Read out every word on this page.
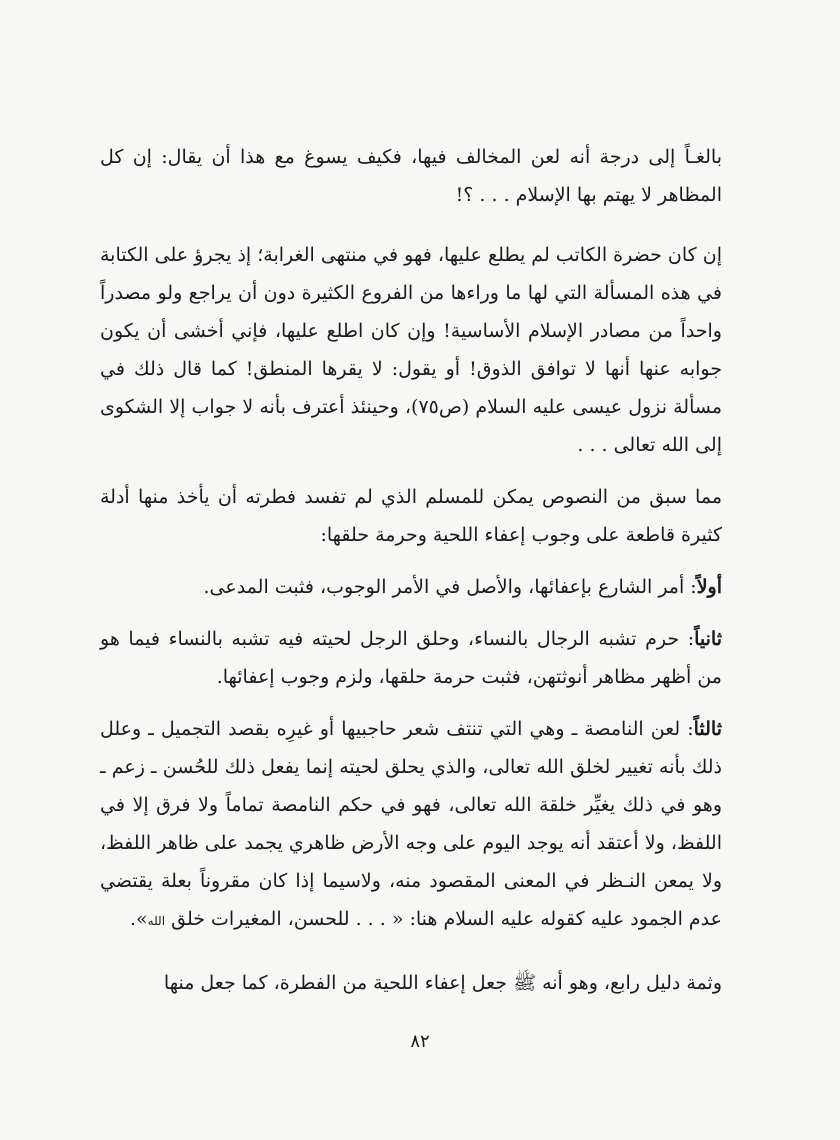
بالغـاً إلى درجة أنه لعن المخالف فيها، فكيف يسوغ مع هذا أن يقال: إن كل المظاهر لا يهتم بها الإسلام . . . ؟!

إن كان حضرة الكاتب لم يطلع عليها، فهو في منتهى الغرابة؛ إذ يجرؤ على الكتابة في هذه المسألة التي لها ما وراءها من الفروع الكثيرة دون أن يراجع ولو مصدراً واحداً من مصادر الإسلام الأساسية! وإن كان اطلع عليها، فإني أخشى أن يكون جوابه عنها أنها لا توافق الذوق! أو يقول: لا يقرها المنطق! كما قال ذلك في مسألة نزول عيسى عليه السلام (ص٧٥)، وحينئذ أعترف بأنه لا جواب إلا الشكوى إلى الله تعالى . . .

مما سبق من النصوص يمكن للمسلم الذي لم تفسد فطرته أن يأخذ منها أدلة كثيرة قاطعة على وجوب إعفاء اللحية وحرمة حلقها:

أولاً: أمر الشارع بإعفائها، والأصل في الأمر الوجوب، فثبت المدعى.

ثانياً: حرم تشبه الرجال بالنساء، وحلق الرجل لحيته فيه تشبه بالنساء فيما هو من أظهر مظاهر أنوثتهن، فثبت حرمة حلقها، ولزم وجوب إعفائها.

ثالثاً: لعن النامصة ـ وهي التي تنتف شعر حاجبيها أو غيرِه بقصد التجميل ـ وعلل ذلك بأنه تغيير لخلق الله تعالى، والذي يحلق لحيته إنما يفعل ذلك للحُسن ـ زعم ـ وهو في ذلك يغيِّر خلقة الله تعالى، فهو في حكم النامصة تماماً ولا فرق إلا في اللفظ، ولا أعتقد أنه يوجد اليوم على وجه الأرض ظاهري يجمد على ظاهر اللفظ، ولا يمعن النـظر في المعنى المقصود منه، ولاسيما إذا كان مقروناً بعلة يقتضي عدم الجمود عليه كقوله عليه السلام هنا: « . . . للحسن، المغيرات خلق الله».

وثمة دليل رابع، وهو أنه ﷺ جعل إعفاء اللحية من الفطرة، كما جعل منها

٨٢
